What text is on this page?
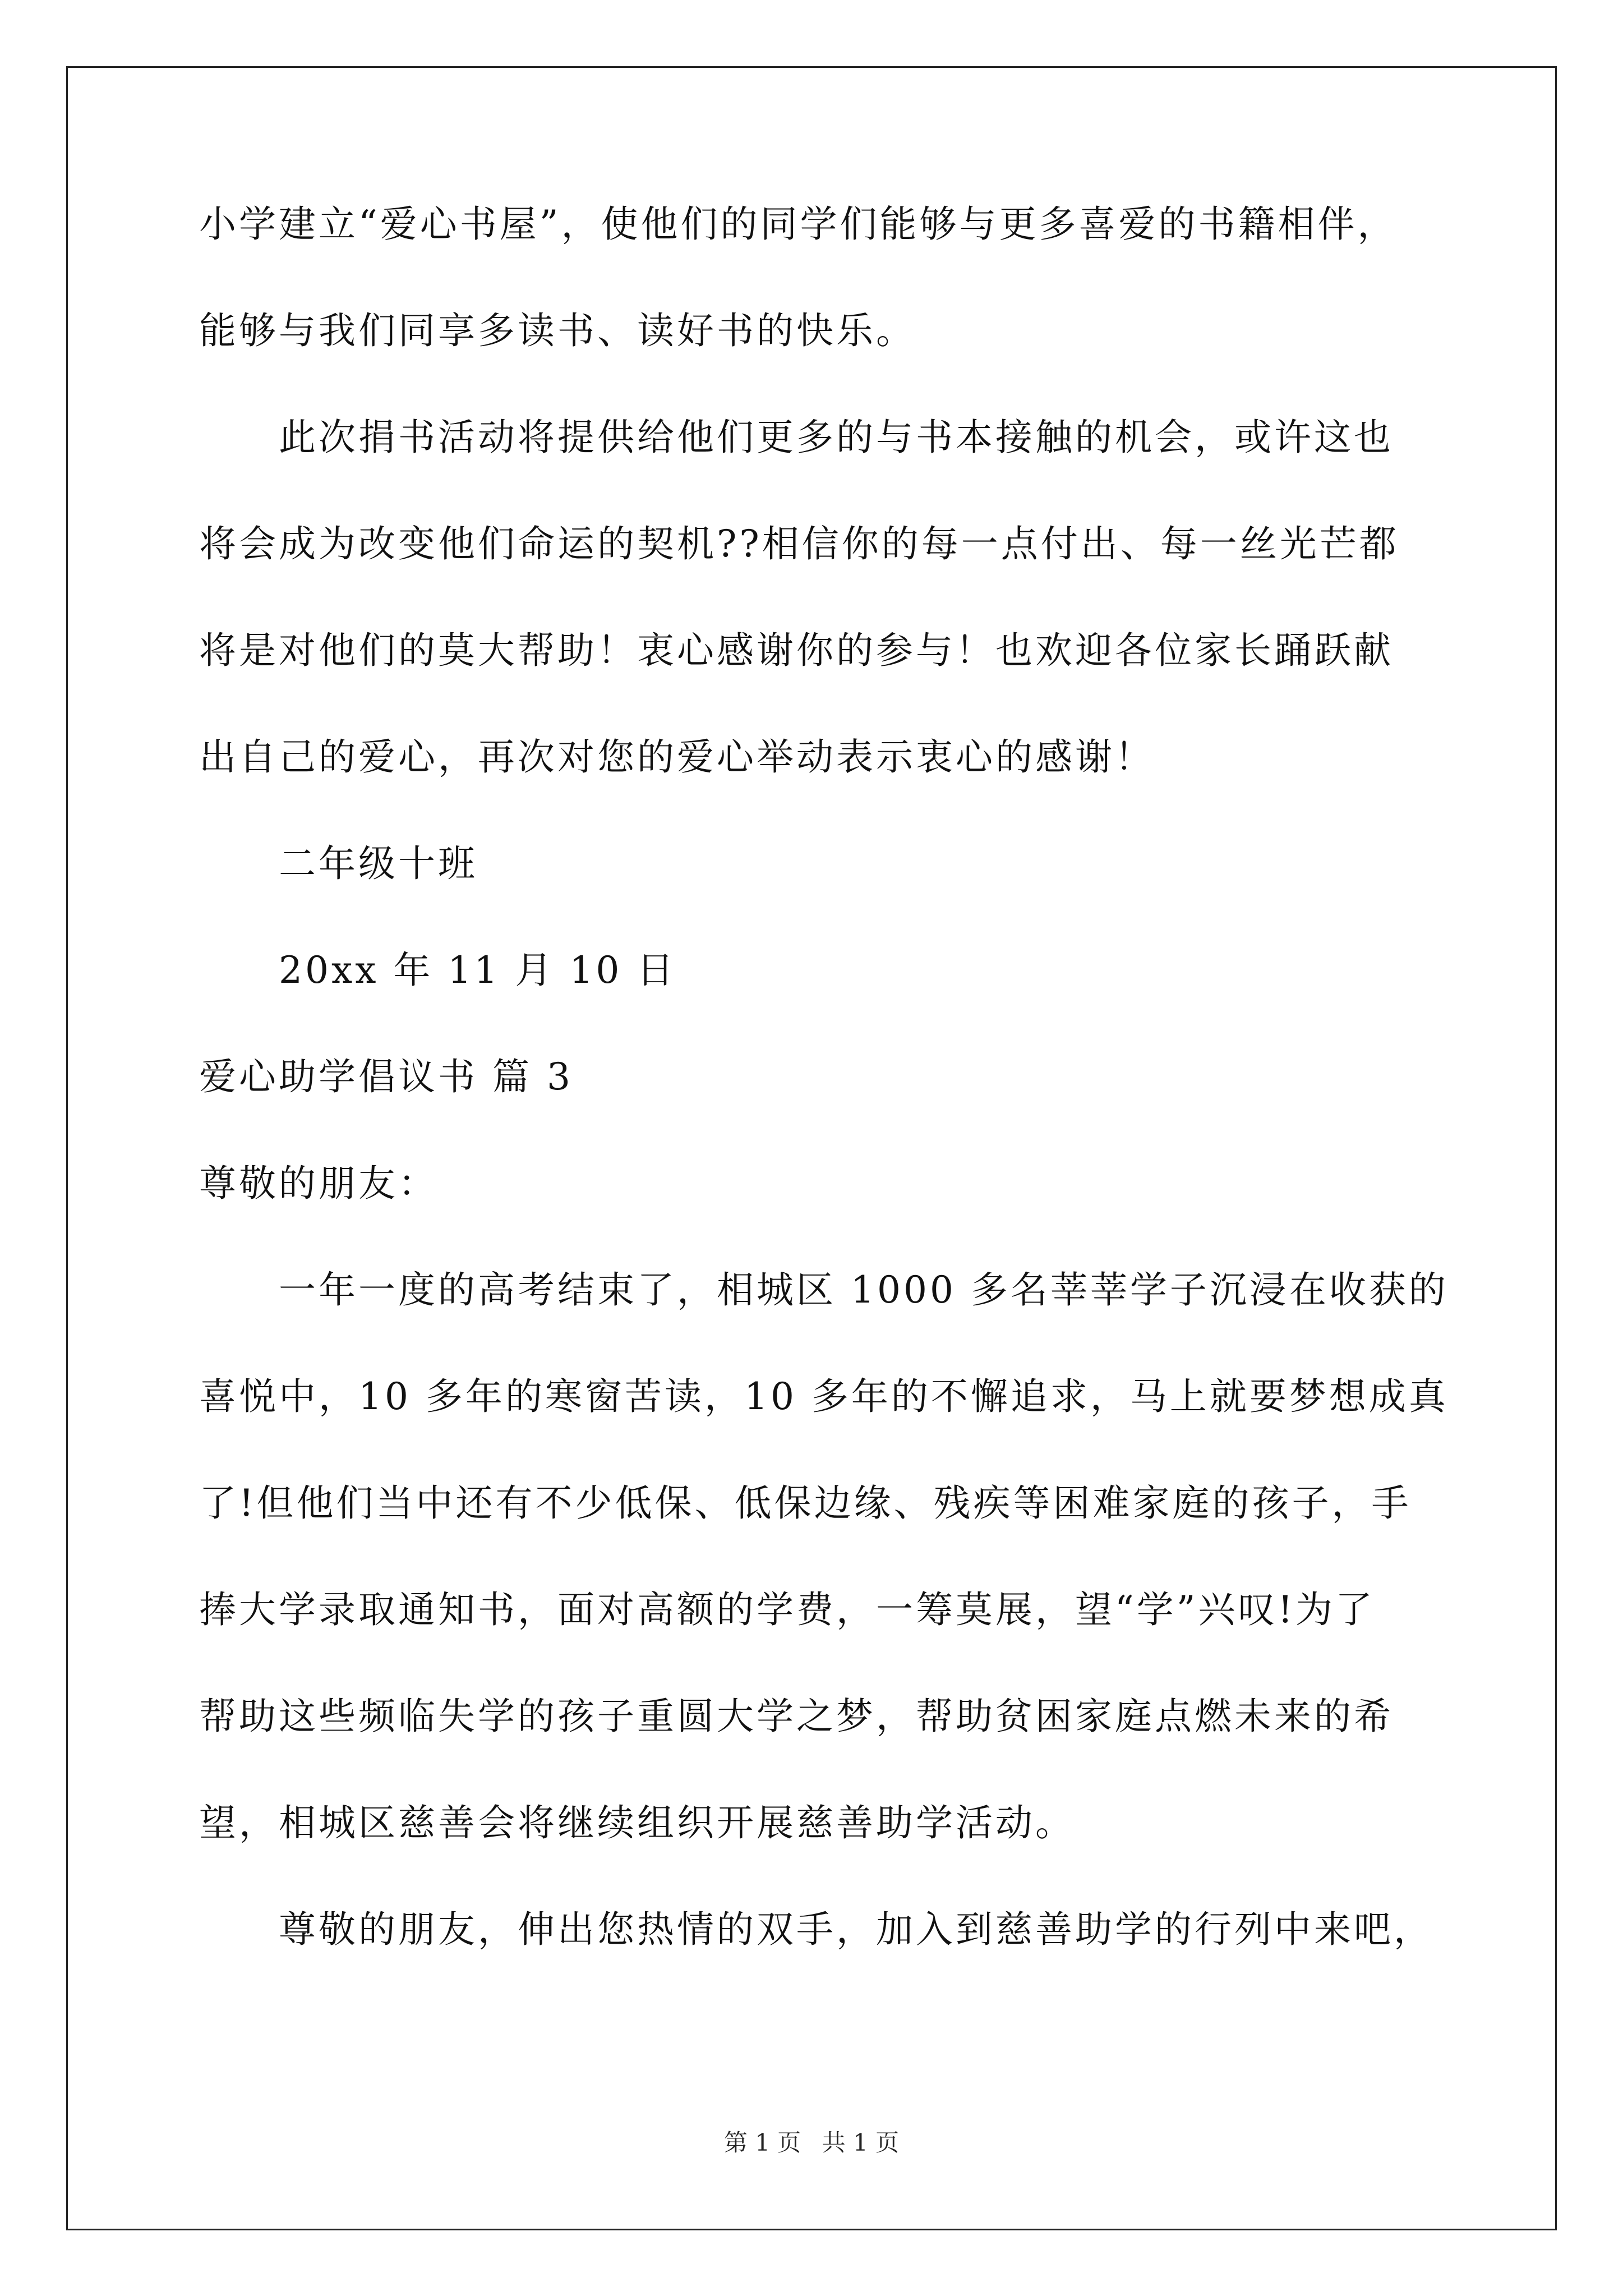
小学建立“爱心书屋”，使他们的同学们能够与更多喜爱的书籍相伴，
能够与我们同享多读书、读好书的快乐。
此次捐书活动将提供给他们更多的与书本接触的机会，或许这也
将会成为改变他们命运的契机??相信你的每一点付出、每一丝光芒都
将是对他们的莫大帮助！衷心感谢你的参与！也欢迎各位家长踊跃献
出自己的爱心，再次对您的爱心举动表示衷心的感谢！
二年级十班
20xx 年 11 月 10 日
爱心助学倡议书 篇 3
尊敬的朋友：
一年一度的高考结束了，相城区 1000 多名莘莘学子沉浸在收获的
喜悦中，10 多年的寒窗苦读，10 多年的不懈追求，马上就要梦想成真
了!但他们当中还有不少低保、低保边缘、残疾等困难家庭的孩子，手
捧大学录取通知书，面对高额的学费，一筹莫展，望“学”兴叹!为了
帮助这些频临失学的孩子重圆大学之梦，帮助贫困家庭点燃未来的希
望，相城区慈善会将继续组织开展慈善助学活动。
尊敬的朋友，伸出您热情的双手，加入到慈善助学的行列中来吧，
第 1 页 共 1 页
